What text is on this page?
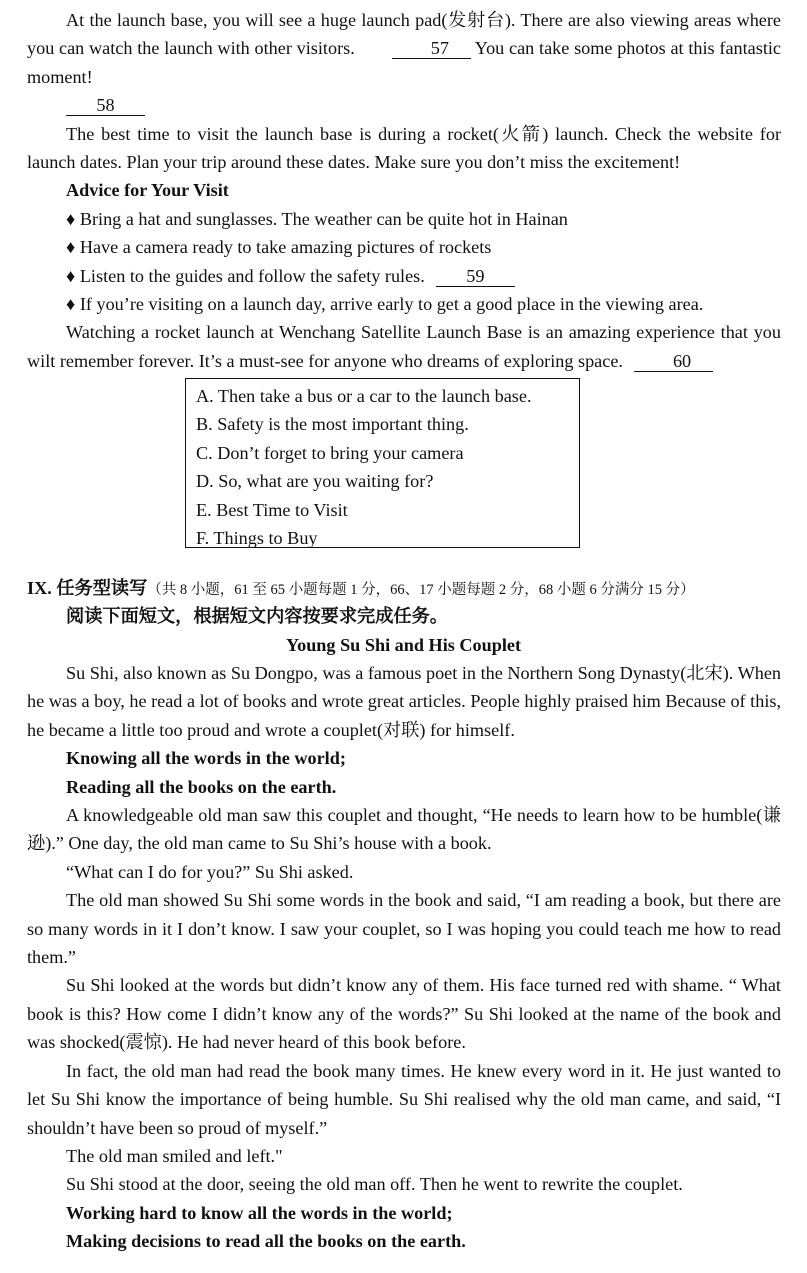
At the launch base, you will see a huge launch pad(发射台). There are also viewing areas where you can watch the launch with other visitors.	57 You can take some photos at this fantastic moment!

58

The best time to visit the launch base is during a rocket(火箭) launch. Check the website for launch dates. Plan your trip around these dates. Make sure you don’t miss the excitement!

Advice for Your Visit

♦ Bring a hat and sunglasses. The weather can be quite hot in Hainan

♦ Have a camera ready to take amazing pictures of rockets

♦ Listen to the guides and follow the safety rules. 59

♦ If you’re visiting on a launch day, arrive early to get a good place in the viewing area.

Watching a rocket launch at Wenchang Satellite Launch Base is an amazing experience that you wilt remember forever. It’s a must-see for anyone who dreams of exploring space.	60

A. Then take a bus or a car to the launch base.
B. Safety is the most important thing.
C. Don’t forget to bring your camera
D. So, what are you waiting for?
E. Best Time to Visit
F. Things to Buy
IX. 任务型读写（共 8 小题，61 至 65 小题每题 1 分，66、17 小题每题 2 分，68 小题 6 分满分 15 分）
阅读下面短文，根据短文内容按要求完成任务。
Young Su Shi and His Couplet

Su Shi, also known as Su Dongpo, was a famous poet in the Northern Song Dynasty(北宋). When he was a boy, he read a lot of books and wrote great articles. People highly praised him Because of this, he became a little too proud and wrote a couplet(对联) for himself.

Knowing all the words in the world;

Reading all the books on the earth.

A knowledgeable old man saw this couplet and thought, “He needs to learn how to be humble(谦逊).” One day, the old man came to Su Shi’s house with a book.

“What can I do for you?” Su Shi asked.

The old man showed Su Shi some words in the book and said, “I am reading a book, but there are so many words in it I don’t know. I saw your couplet, so I was hoping you could teach me how to read them.”

Su Shi looked at the words but didn’t know any of them. His face turned red with shame. “ What book is this? How come I didn’t know any of the words?” Su Shi looked at the name of the book and was shocked(震惊). He had never heard of this book before.

In fact, the old man had read the book many times. He knew every word in it. He just wanted to let Su Shi know the importance of being humble. Su Shi realised why the old man came, and said, “I shouldn’t have been so proud of myself.”

The old man smiled and left."

Su Shi stood at the door, seeing the old man off. Then he went to rewrite the couplet.

Working hard to know all the words in the world;

Making decisions to read all the books on the earth.
